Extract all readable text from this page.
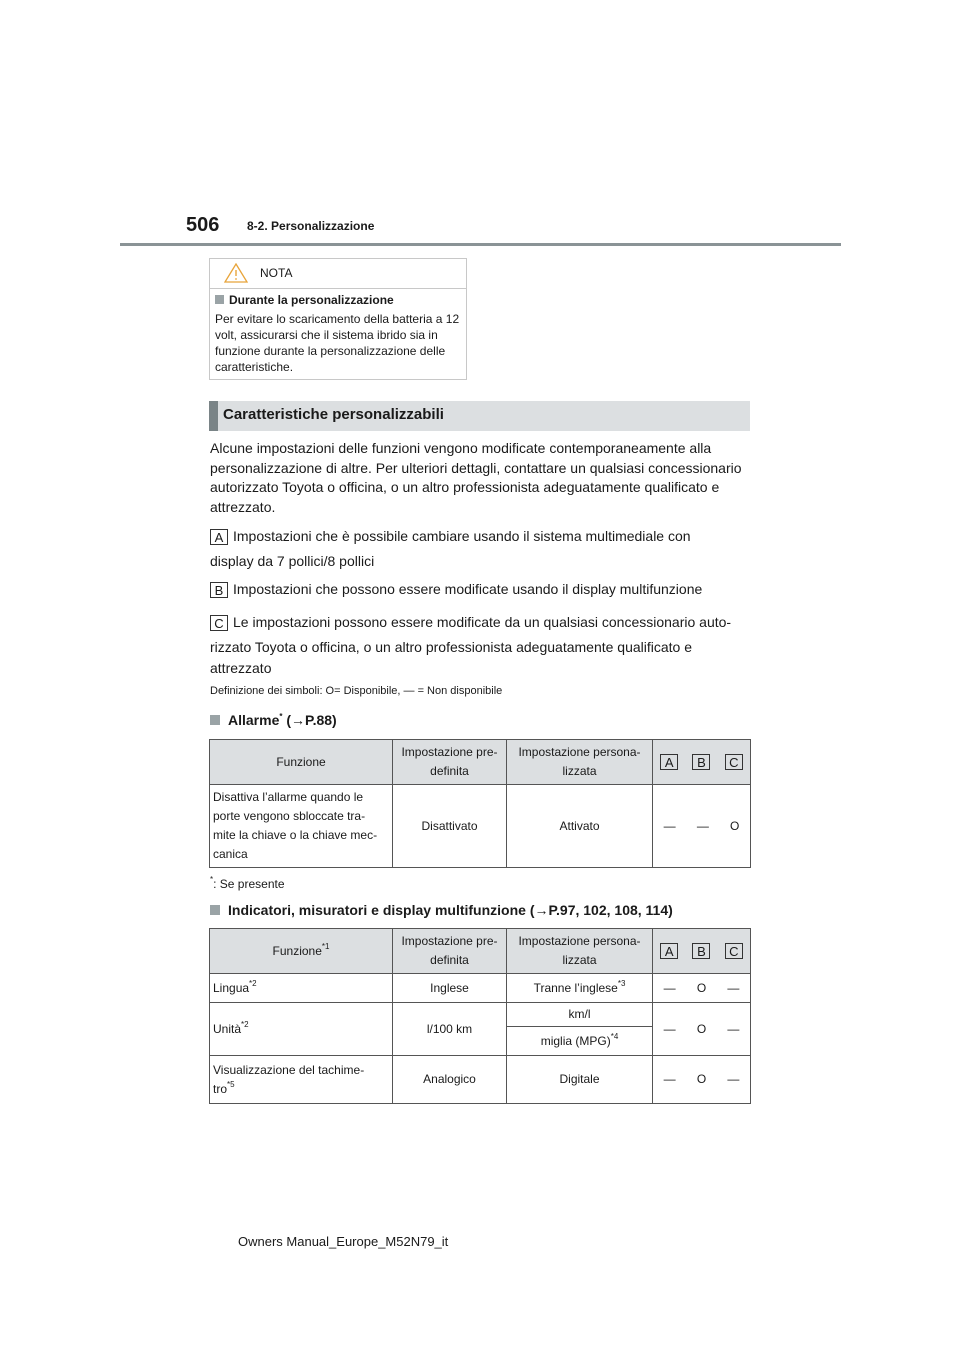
506 8-2. Personalizzazione
NOTA
Durante la personalizzazione
Per evitare lo scaricamento della batteria a 12 volt, assicurarsi che il sistema ibrido sia in funzione durante la personalizzazione delle caratteristiche.
Caratteristiche personalizzabili
Alcune impostazioni delle funzioni vengono modificate contemporaneamente alla personalizzazione di altre. Per ulteriori dettagli, contattare un qualsiasi concessionario autorizzato Toyota o officina, o un altro professionista adeguatamente qualificato e attrezzato.
A Impostazioni che è possibile cambiare usando il sistema multimediale con
display da 7 pollici/8 pollici
B Impostazioni che possono essere modificate usando il display multifunzione
C Le impostazioni possono essere modificate da un qualsiasi concessionario auto-
rizzato Toyota o officina, o un altro professionista adeguatamente qualificato e
attrezzato
Definizione dei simboli: O= Disponibile, — = Non disponibile
Allarme* (→P.88)
Funzione	Impostazione pre-
definita	Impostazione persona-
lizzata	A B C

Disattiva l’allarme quando le
porte vengono sbloccate tra-
mite la chiave o la chiave mec-
canica	Disattivato	Attivato	— — O
*: Se presente
Indicatori, misuratori e display multifunzione (→P.97, 102, 108, 114)
Funzione$^{*1}$	Impostazione pre-
definita	Impostazione persona-
lizzata	A B C

Lingua$^{*2}$	Inglese	Tranne l’inglese$^{*3}$	— O —

Unità$^{*2}$	l/100 km	km/l	— O —

		miglia (MPG)$^{*4}$
Visualizzazione del tachime-
tro$^{*5}$	Analogico	Digitale	— O —
Owners Manual_Europe_M52N79_it
